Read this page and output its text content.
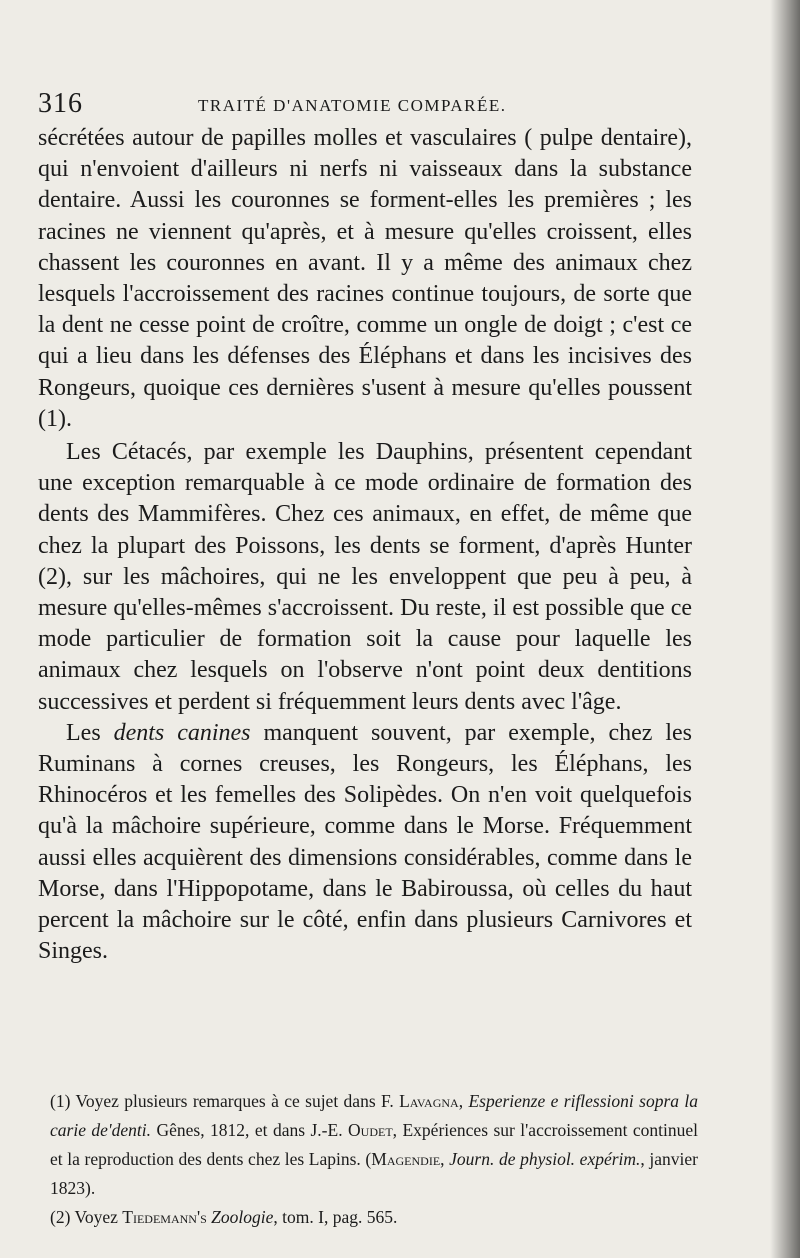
316	TRAITÉ D'ANATOMIE COMPARÉE.

sécrétées autour de papilles molles et vasculaires ( pulpe dentaire), qui n'envoient d'ailleurs ni nerfs ni vaisseaux dans la substance dentaire. Aussi les couronnes se forment-elles les premières ; les racines ne viennent qu'après, et à mesure qu'elles croissent, elles chassent les couronnes en avant. Il y a même des animaux chez lesquels l'accroissement des racines continue toujours, de sorte que la dent ne cesse point de croître, comme un ongle de doigt ; c'est ce qui a lieu dans les défenses des Éléphans et dans les incisives des Rongeurs, quoique ces dernières s'usent à mesure qu'elles poussent (1).

Les Cétacés, par exemple les Dauphins, présentent cependant une exception remarquable à ce mode ordinaire de formation des dents des Mammifères. Chez ces animaux, en effet, de même que chez la plupart des Poissons, les dents se forment, d'après Hunter (2), sur les mâchoires, qui ne les enveloppent que peu à peu, à mesure qu'elles-mêmes s'accroissent. Du reste, il est possible que ce mode particulier de formation soit la cause pour laquelle les animaux chez lesquels on l'observe n'ont point deux dentitions successives et perdent si fréquemment leurs dents avec l'âge.

Les dents canines manquent souvent, par exemple, chez les Ruminans à cornes creuses, les Rongeurs, les Éléphans, les Rhinocéros et les femelles des Solipèdes. On n'en voit quelquefois qu'à la mâchoire supérieure, comme dans le Morse. Fréquemment aussi elles acquièrent des dimensions considérables, comme dans le Morse, dans l'Hippopotame, dans le Babiroussa, où celles du haut percent la mâchoire sur le côté, enfin dans plusieurs Carnivores et Singes.

(1) Voyez plusieurs remarques à ce sujet dans F. Lavagna, Esperienze e riflessioni sopra la carie de'denti. Gênes, 1812, et dans J.-E. Oudet, Expériences sur l'accroissement continuel et la reproduction des dents chez les Lapins. (Magendie, Journ. de physiol. expérim., janvier 1823).

(2) Voyez Tiedemann's Zoologie, tom. I, pag. 565.
